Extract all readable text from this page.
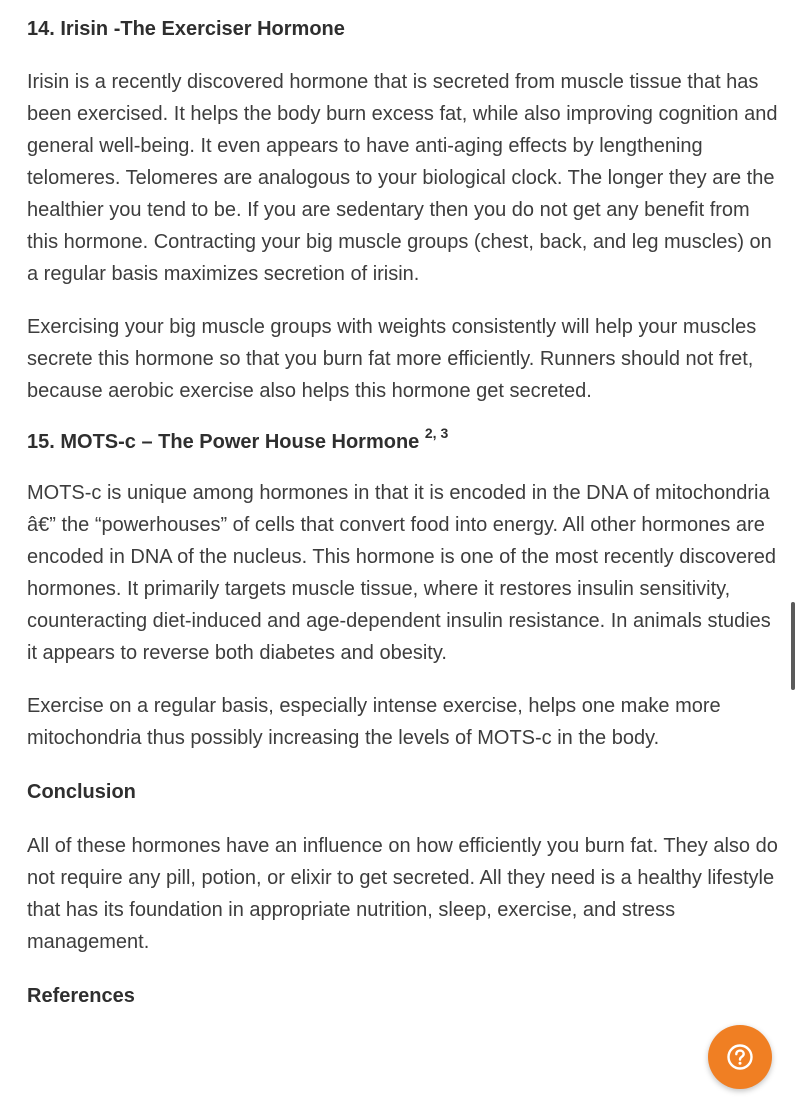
14. Irisin -The Exerciser Hormone

Irisin is a recently discovered hormone that is secreted from muscle tissue that has been exercised. It helps the body burn excess fat, while also improving cognition and general well-being. It even appears to have anti-aging effects by lengthening telomeres. Telomeres are analogous to your biological clock. The longer they are the healthier you tend to be. If you are sedentary then you do not get any benefit from this hormone. Contracting your big muscle groups (chest, back, and leg muscles) on a regular basis maximizes secretion of irisin.

Exercising your big muscle groups with weights consistently will help your muscles secrete this hormone so that you burn fat more efficiently. Runners should not fret, because aerobic exercise also helps this hormone get secreted.

15. MOTS-c – The Power House Hormone $^{2, 3}$

MOTS-c is unique among hormones in that it is encoded in the DNA of mitochondria â€” the “powerhouses” of cells that convert food into energy. All other hormones are encoded in DNA of the nucleus. This hormone is one of the most recently discovered hormones. It primarily targets muscle tissue, where it restores insulin sensitivity, counteracting diet-induced and age-dependent insulin resistance. In animals studies it appears to reverse both diabetes and obesity.

Exercise on a regular basis, especially intense exercise, helps one make more mitochondria thus possibly increasing the levels of MOTS-c in the body.

Conclusion

All of these hormones have an influence on how efficiently you burn fat. They also do not require any pill, potion, or elixir to get secreted. All they need is a healthy lifestyle that has its foundation in appropriate nutrition, sleep, exercise, and stress management.

References
